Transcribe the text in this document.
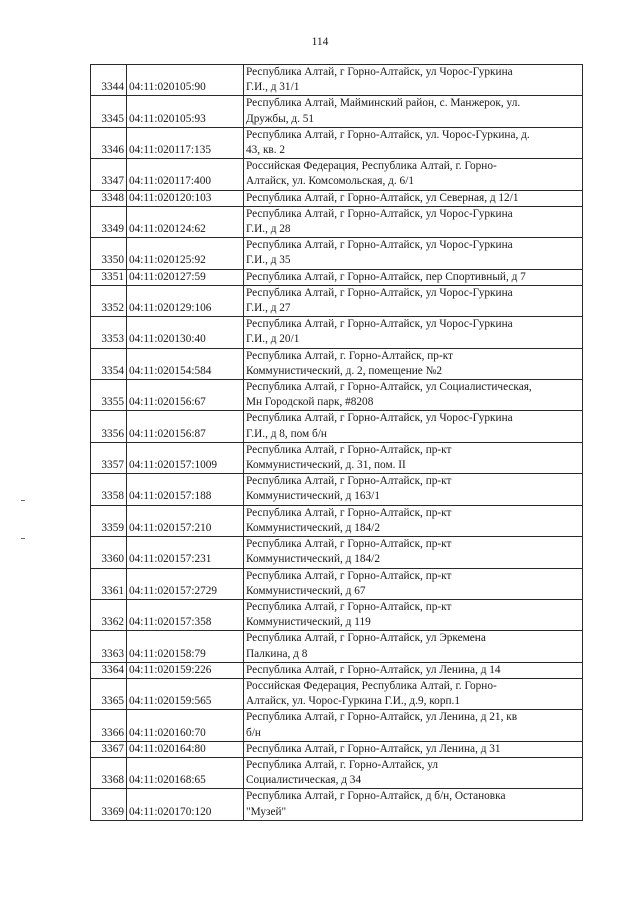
114
3344	04:11:020105:90	Республика Алтай, г Горно-Алтайск, ул Чорос-Гуркина
Г.И., д 31/1

3345	04:11:020105:93	Республика Алтай, Майминский район, с. Манжерок, ул.
Дружбы, д. 51

3346	04:11:020117:135	Республика Алтай, г Горно-Алтайск, ул. Чорос-Гуркина, д.
43, кв. 2

3347	04:11:020117:400	Российская Федерация, Республика Алтай, г. Горно-
Алтайск, ул. Комсомольская, д. 6/1

3348	04:11:020120:103	Республика Алтай, г Горно-Алтайск, ул Северная, д 12/1

3349	04:11:020124:62	Республика Алтай, г Горно-Алтайск, ул Чорос-Гуркина
Г.И., д 28

3350	04:11:020125:92	Республика Алтай, г Горно-Алтайск, ул Чорос-Гуркина
Г.И., д 35

3351	04:11:020127:59	Республика Алтай, г Горно-Алтайск, пер Спортивный, д 7

3352	04:11:020129:106	Республика Алтай, г Горно-Алтайск, ул Чорос-Гуркина
Г.И., д 27

3353	04:11:020130:40	Республика Алтай, г Горно-Алтайск, ул Чорос-Гуркина
Г.И., д 20/1

3354	04:11:020154:584	Республика Алтай, г. Горно-Алтайск, пр-кт
Коммунистический, д. 2, помещение №2

3355	04:11:020156:67	Республика Алтай, г Горно-Алтайск, ул Социалистическая,
Мн Городской парк, #8208

3356	04:11:020156:87	Республика Алтай, г Горно-Алтайск, ул Чорос-Гуркина
Г.И., д 8, пом б/н

3357	04:11:020157:1009	Республика Алтай, г Горно-Алтайск, пр-кт
Коммунистический, д. 31, пом. II

3358	04:11:020157:188	Республика Алтай, г Горно-Алтайск, пр-кт
Коммунистический, д 163/1

3359	04:11:020157:210	Республика Алтай, г Горно-Алтайск, пр-кт
Коммунистический, д 184/2

3360	04:11:020157:231	Республика Алтай, г Горно-Алтайск, пр-кт
Коммунистический, д 184/2

3361	04:11:020157:2729	Республика Алтай, г Горно-Алтайск, пр-кт
Коммунистический, д 67

3362	04:11:020157:358	Республика Алтай, г Горно-Алтайск, пр-кт
Коммунистический, д 119

3363	04:11:020158:79	Республика Алтай, г Горно-Алтайск, ул Эркемена
Палкина, д 8

3364	04:11:020159:226	Республика Алтай, г Горно-Алтайск, ул Ленина, д 14

3365	04:11:020159:565	Российская Федерация, Республика Алтай, г. Горно-
Алтайск, ул. Чорос-Гуркина Г.И., д.9, корп.1

3366	04:11:020160:70	Республика Алтай, г Горно-Алтайск, ул Ленина, д 21, кв
б/н

3367	04:11:020164:80	Республика Алтай, г Горно-Алтайск, ул Ленина, д 31

3368	04:11:020168:65	Республика Алтай, г. Горно-Алтайск, ул
Социалистическая, д 34

3369	04:11:020170:120	Республика Алтай, г Горно-Алтайск, д б/н, Остановка
"Музей"
